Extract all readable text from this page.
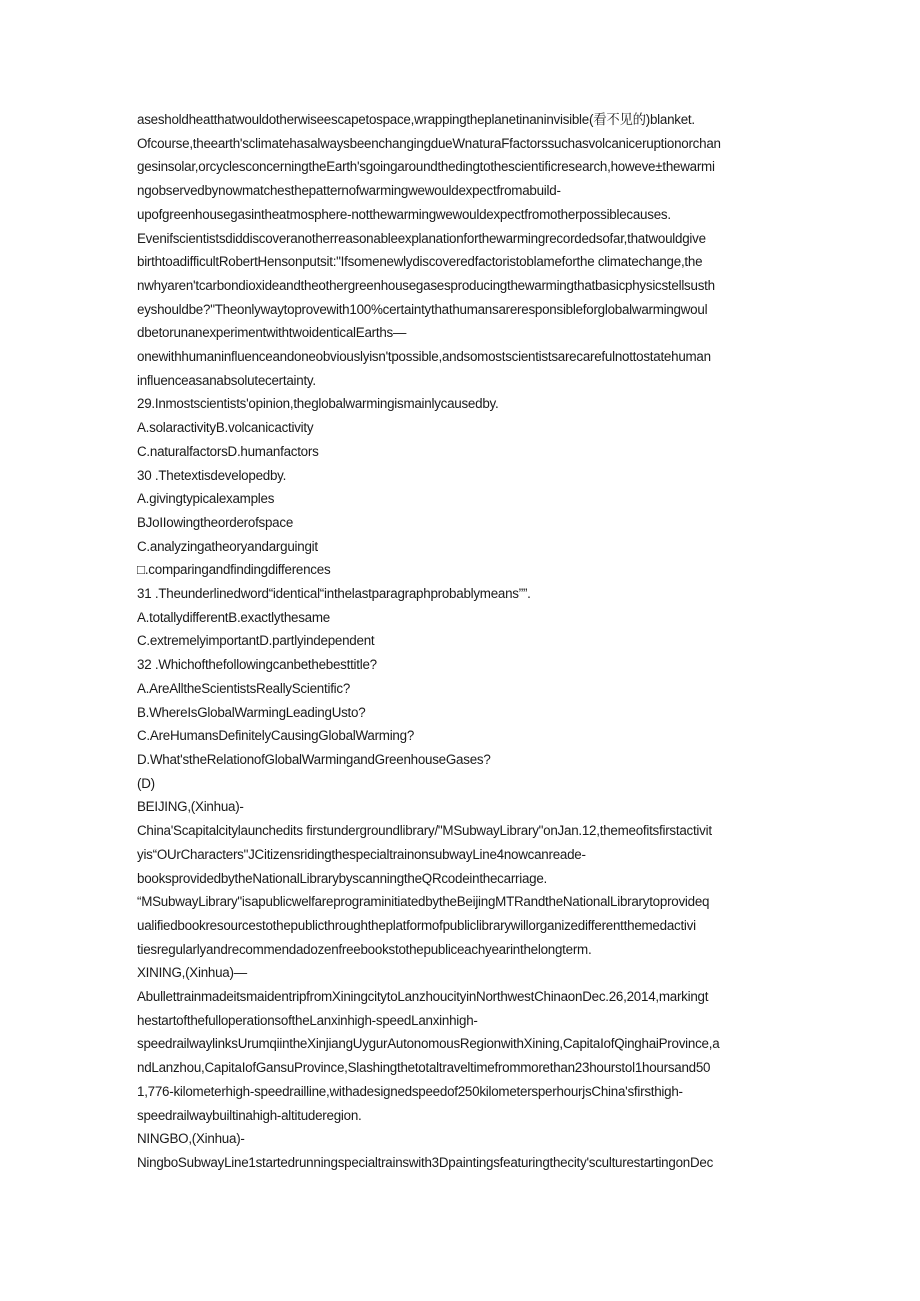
asesholdheatthatwouldotherwiseescapetospace,wrappingtheplanetinaninvisible(看不见的)blanket.
Ofcourse,theearth'sclimatehasalwaysbeenchangingdueWnaturaFfactorssuchasvolcaniceruptionorchan
gesinsolar,orcyclesconcerningtheEarth'sgoingaroundthedingtothescientificresearch,howeve±thewarmi
ngobservedbynowmatchesthepatternofwarmingwewouldexpectfromabuild-
upofgreenhousegasintheatmosphere-notthewarmingwewouldexpectfromotherpossiblecauses.
Evenifscientistsdiddiscoveranotherreasonableexplanationforthewarmingrecordedsofar,thatwouldgive
birthtoadifficultRobertHensonputsit:"Ifsomenewlydiscoveredfactoristoblameforthe climatechange,the
nwhyaren'tcarbondioxideandtheothergreenhousegasesproducingthewarmingthatbasicphysicstellsusth
eyshouldbe?"Theonlywaytoprovewith100%certaintythathumansareresponsibleforglobalwarmingwoul
dbetorunanexperimentwithtwoidenticalEarths—
onewithhumaninfluenceandoneobviouslyisn'tpossible,andsomostscientistsarecarefulnottostatehuman
influenceasanabsolutecertainty.
29.Inmostscientists'opinion,theglobalwarmingismainlycausedby.
A.solaractivityB.volcanicactivity
C.naturalfactorsD.humanfactors
30 .Thetextisdevelopedby.
A.givingtypicalexamples
BJoIIowingtheorderofspace
C.analyzingatheoryandarguingit
□.comparingandfindingdifferences
31 .Theunderlinedword“identical“inthelastparagraphprobablymeans””.
A.totallydifferentB.exactlythesame
C.extremelyimportantD.partlyindependent
32 .Whichofthefollowingcanbethebesttitle?
A.AreAlltheScientistsReallyScientific?
B.WhereIsGlobalWarmingLeadingUsto?
C.AreHumansDefinitelyCausingGlobalWarming?
D.What'stheRelationofGlobalWarmingandGreenhouseGases?
(D)
BEIJING,(Xinhua)-
China'Scapitalcitylaunchedits firstundergroundlibrary/"MSubwayLibrary"onJan.12,themeofitsfirstactivit
yis“OUrCharacters"JCitizensridingthespecialtrainonsubwayLine4nowcanreade-
booksprovidedbytheNationalLibrarybyscanningtheQRcodeinthecarriage.
“MSubwayLibrary"isapublicwelfareprograminitiatedbytheBeijingMTRandtheNationalLibrarytoprovideq
ualifiedbookresourcestothepublicthroughtheplatformofpubliclibrarywillorganizedifferentthemedactivi
tiesregularlyandrecommendadozenfreebookstothepubliceachyearinthelongterm.
XINING,(Xinhua)—
AbullettrainmadeitsmaidentripfromXiningcitytoLanzhoucityinNorthwestChinaonDec.26,2014,markingt
hestartofthefulloperationsoftheLanxinhigh-speedLanxinhigh-
speedrailwaylinksUrumqiintheXinjiangUygurAutonomousRegionwithXining,CapitaIofQinghaiProvince,a
ndLanzhou,CapitaIofGansuProvince,Slashingthetotaltraveltimefrommorethan23hourstol1hoursand50
1,776-kilometerhigh-speedrailline,withadesignedspeedof250kilometersperhourjsChina'sfirsthigh-
speedrailwaybuiltinahigh-altituderegion.
NINGBO,(Xinhua)-
NingboSubwayLine1startedrunningspecialtrainswith3Dpaintingsfeaturingthecity'sculturestartingonDec
